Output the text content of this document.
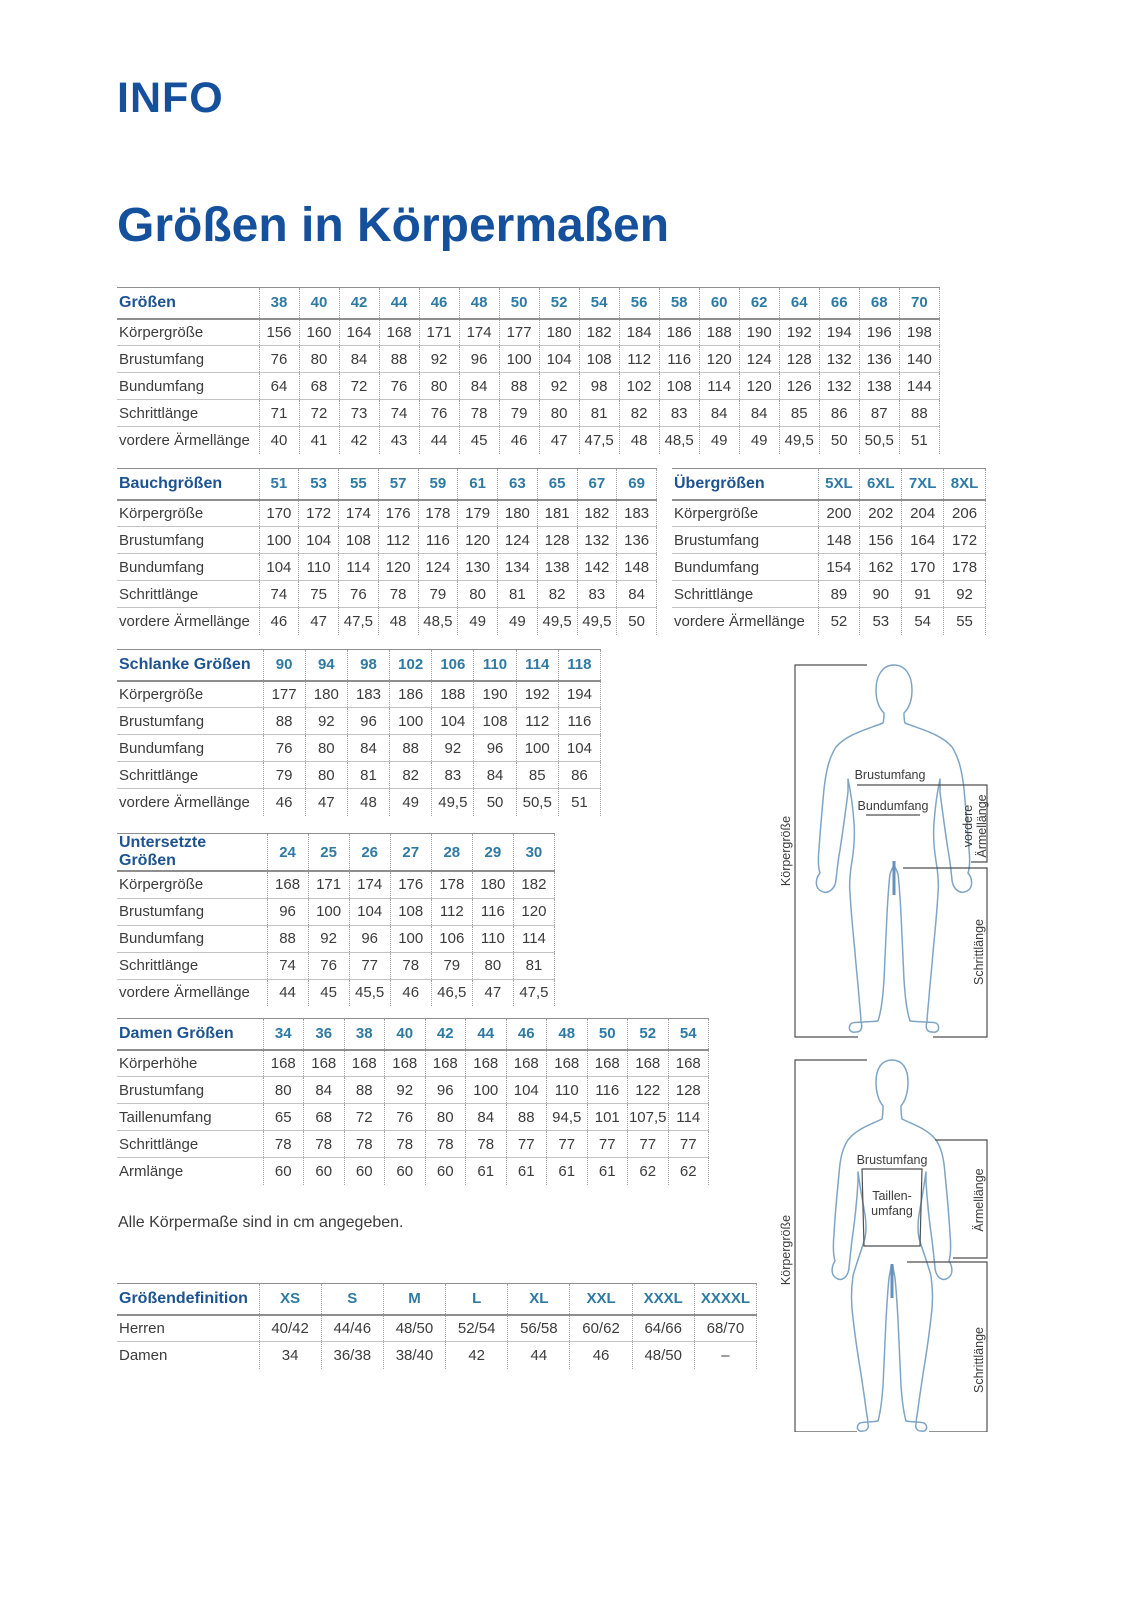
INFO
Größen in Körpermaßen
Größen	38	40	42	44	46	48	50	52	54	56	58	60	62	64	66	68	70
Körpergröße	156	160	164	168	171	174	177	180	182	184	186	188	190	192	194	196	198
Brustumfang	76	80	84	88	92	96	100	104	108	112	116	120	124	128	132	136	140
Bundumfang	64	68	72	76	80	84	88	92	98	102	108	114	120	126	132	138	144
Schrittlänge	71	72	73	74	76	78	79	80	81	82	83	84	84	85	86	87	88
vordere Ärmellänge	40	41	42	43	44	45	46	47	47,5	48	48,5	49	49	49,5	50	50,5	51
Bauchgrößen	51	53	55	57	59	61	63	65	67	69
Körpergröße	170	172	174	176	178	179	180	181	182	183
Brustumfang	100	104	108	112	116	120	124	128	132	136
Bundumfang	104	110	114	120	124	130	134	138	142	148
Schrittlänge	74	75	76	78	79	80	81	82	83	84
vordere Ärmellänge	46	47	47,5	48	48,5	49	49	49,5	49,5	50
Übergrößen	5XL	6XL	7XL	8XL
Körpergröße	200	202	204	206
Brustumfang	148	156	164	172
Bundumfang	154	162	170	178
Schrittlänge	89	90	91	92
vordere Ärmellänge	52	53	54	55
Schlanke Größen	90	94	98	102	106	110	114	118
Körpergröße	177	180	183	186	188	190	192	194
Brustumfang	88	92	96	100	104	108	112	116
Bundumfang	76	80	84	88	92	96	100	104
Schrittlänge	79	80	81	82	83	84	85	86
vordere Ärmellänge	46	47	48	49	49,5	50	50,5	51
Untersetzte Größen	24	25	26	27	28	29	30
Körpergröße	168	171	174	176	178	180	182
Brustumfang	96	100	104	108	112	116	120
Bundumfang	88	92	96	100	106	110	114
Schrittlänge	74	76	77	78	79	80	81
vordere Ärmellänge	44	45	45,5	46	46,5	47	47,5
Damen Größen	34	36	38	40	42	44	46	48	50	52	54
Körperhöhe	168	168	168	168	168	168	168	168	168	168	168
Brustumfang	80	84	88	92	96	100	104	110	116	122	128
Taillenumfang	65	68	72	76	80	84	88	94,5	101	107,5	114
Schrittlänge	78	78	78	78	78	78	77	77	77	77	77
Armlänge	60	60	60	60	60	61	61	61	61	62	62
Größendefinition	XS	S	M	L	XL	XXL	XXXL	XXXXL
Herren	40/42	44/46	48/50	52/54	56/58	60/62	64/66	68/70
Damen	34	36/38	38/40	42	44	46	48/50	–
Alle Körpermaße sind in cm angegeben.
Brustumfang
Bundumfang
Körpergröße	vordere Ärmellänge
Schrittlänge
Brustumfang
Taillen-
umfang
Körpergröße
Ärmellänge
Schrittlänge
